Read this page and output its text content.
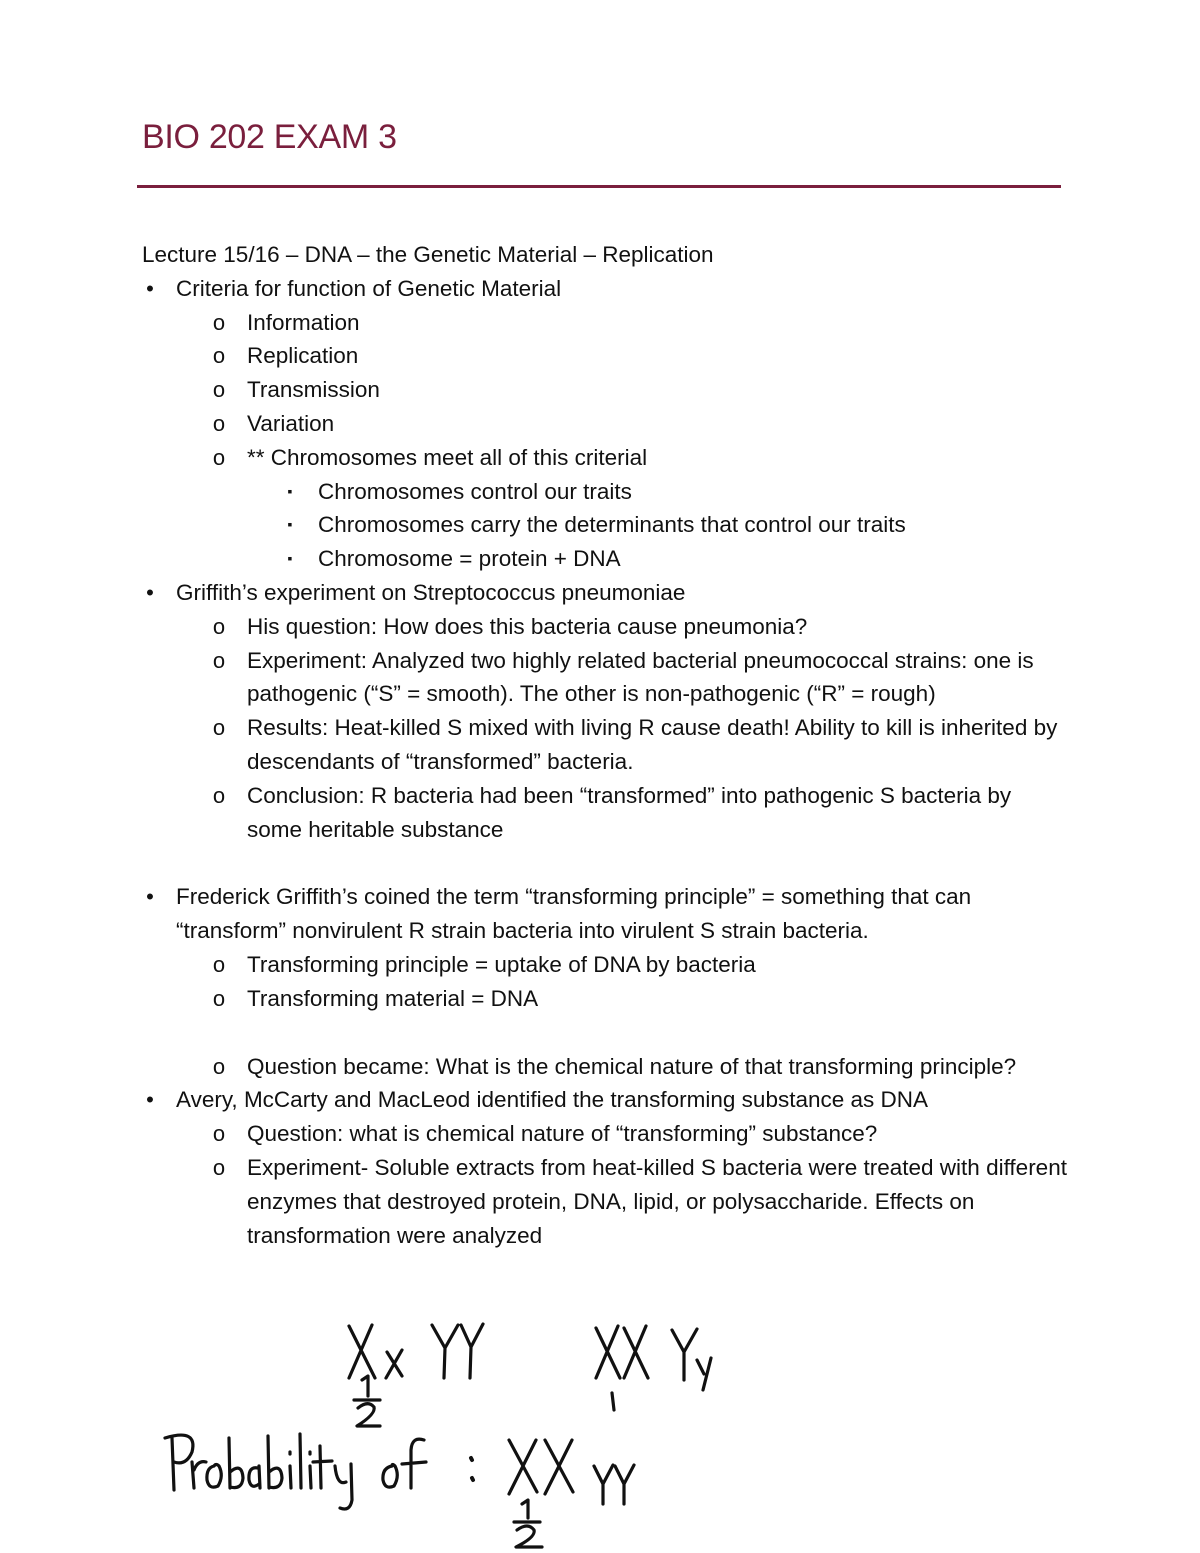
BIO 202 EXAM 3

Lecture 15/16 – DNA – the Genetic Material – Replication

• Criteria for function of Genetic Material
o Information
o Replication
o Transmission
o Variation
o ** Chromosomes meet all of this criterial
▪	Chromosomes control our traits
▪	Chromosomes carry the determinants that control our traits
▪	Chromosome = protein + DNA
• Griffith’s experiment on Streptococcus pneumoniae
o His question: How does this bacteria cause pneumonia?
o Experiment: Analyzed two highly related bacterial pneumococcal strains: one is pathogenic (“S” = smooth). The other is non-pathogenic (“R” = rough)
o Results: Heat-killed S mixed with living R cause death! Ability to kill is inherited by descendants of “transformed” bacteria.
o Conclusion: R bacteria had been “transformed” into pathogenic S bacteria by some heritable substance
• Frederick Griffith’s coined the term “transforming principle” = something that can “transform” nonvirulent R strain bacteria into virulent S strain bacteria.
o Transforming principle = uptake of DNA by bacteria
o Transforming material = DNA
o Question became: What is the chemical nature of that transforming principle?
• Avery, McCarty and MacLeod identified the transforming substance as DNA
o Question: what is chemical nature of “transforming” substance?
o Experiment- Soluble extracts from heat-killed S bacteria were treated with different enzymes that destroyed protein, DNA, lipid, or polysaccharide. Effects on transformation were analyzed
